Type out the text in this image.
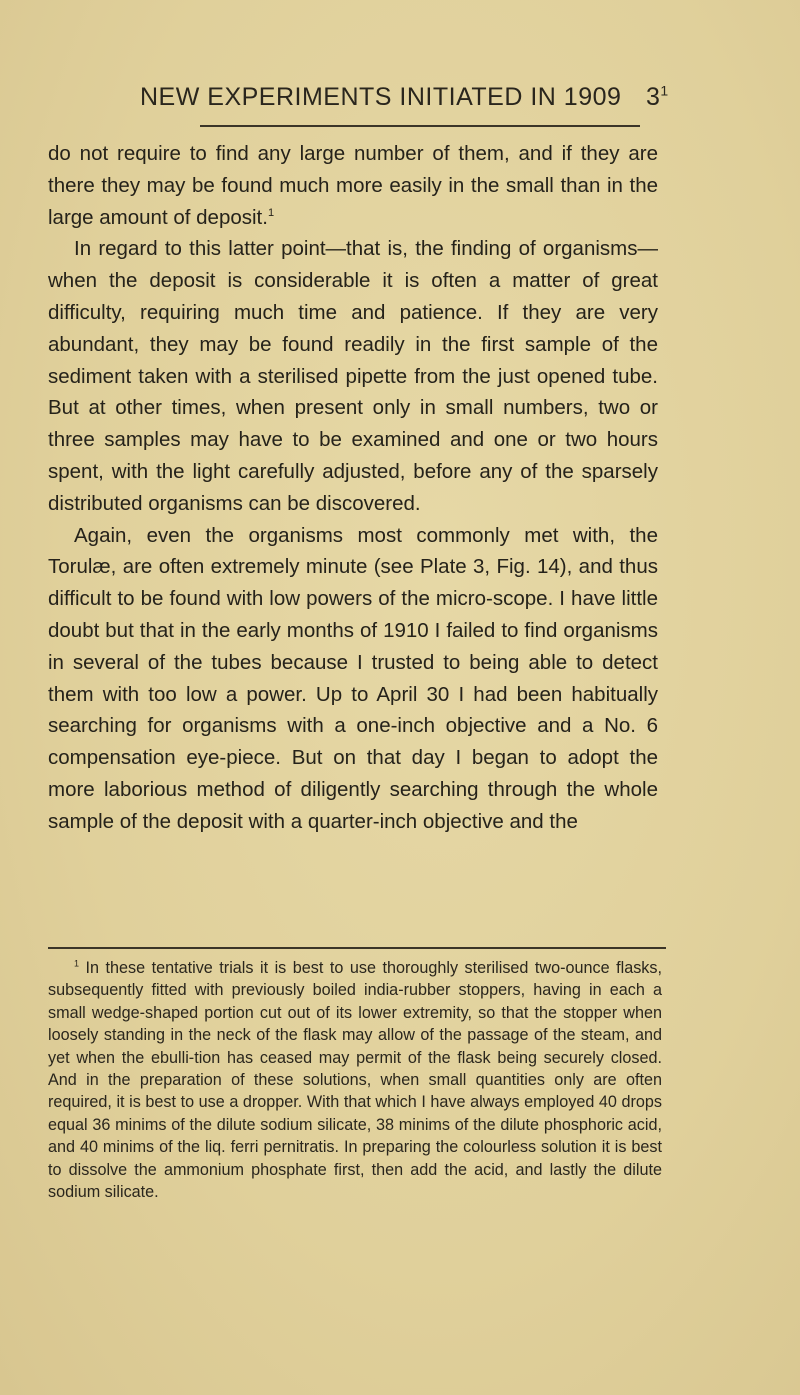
NEW EXPERIMENTS INITIATED IN 1909 $3^1$

do not require to find any large number of them, and if they are there they may be found much more easily in the small than in the large amount of deposit.$^1$

In regard to this latter point—that is, the finding of organisms—when the deposit is considerable it is often a matter of great difficulty, requiring much time and patience. If they are very abundant, they may be found readily in the first sample of the sediment taken with a sterilised pipette from the just opened tube. But at other times, when present only in small numbers, two or three samples may have to be examined and one or two hours spent, with the light carefully adjusted, before any of the sparsely distributed organisms can be discovered.

Again, even the organisms most commonly met with, the Torulæ, are often extremely minute (see Plate 3, Fig. 14), and thus difficult to be found with low powers of the micro-scope. I have little doubt but that in the early months of 1910 I failed to find organisms in several of the tubes because I trusted to being able to detect them with too low a power. Up to April 30 I had been habitually searching for organisms with a one-inch objective and a No. 6 compensation eye-piece. But on that day I began to adopt the more laborious method of diligently searching through the whole sample of the deposit with a quarter-inch objective and the

$^1$ In these tentative trials it is best to use thoroughly sterilised two-ounce flasks, subsequently fitted with previously boiled india-rubber stoppers, having in each a small wedge-shaped portion cut out of its lower extremity, so that the stopper when loosely standing in the neck of the flask may allow of the passage of the steam, and yet when the ebulli-tion has ceased may permit of the flask being securely closed. And in the preparation of these solutions, when small quantities only are often required, it is best to use a dropper. With that which I have always employed 40 drops equal 36 minims of the dilute sodium silicate, 38 minims of the dilute phosphoric acid, and 40 minims of the liq. ferri pernitratis. In preparing the colourless solution it is best to dissolve the ammonium phosphate first, then add the acid, and lastly the dilute sodium silicate.
